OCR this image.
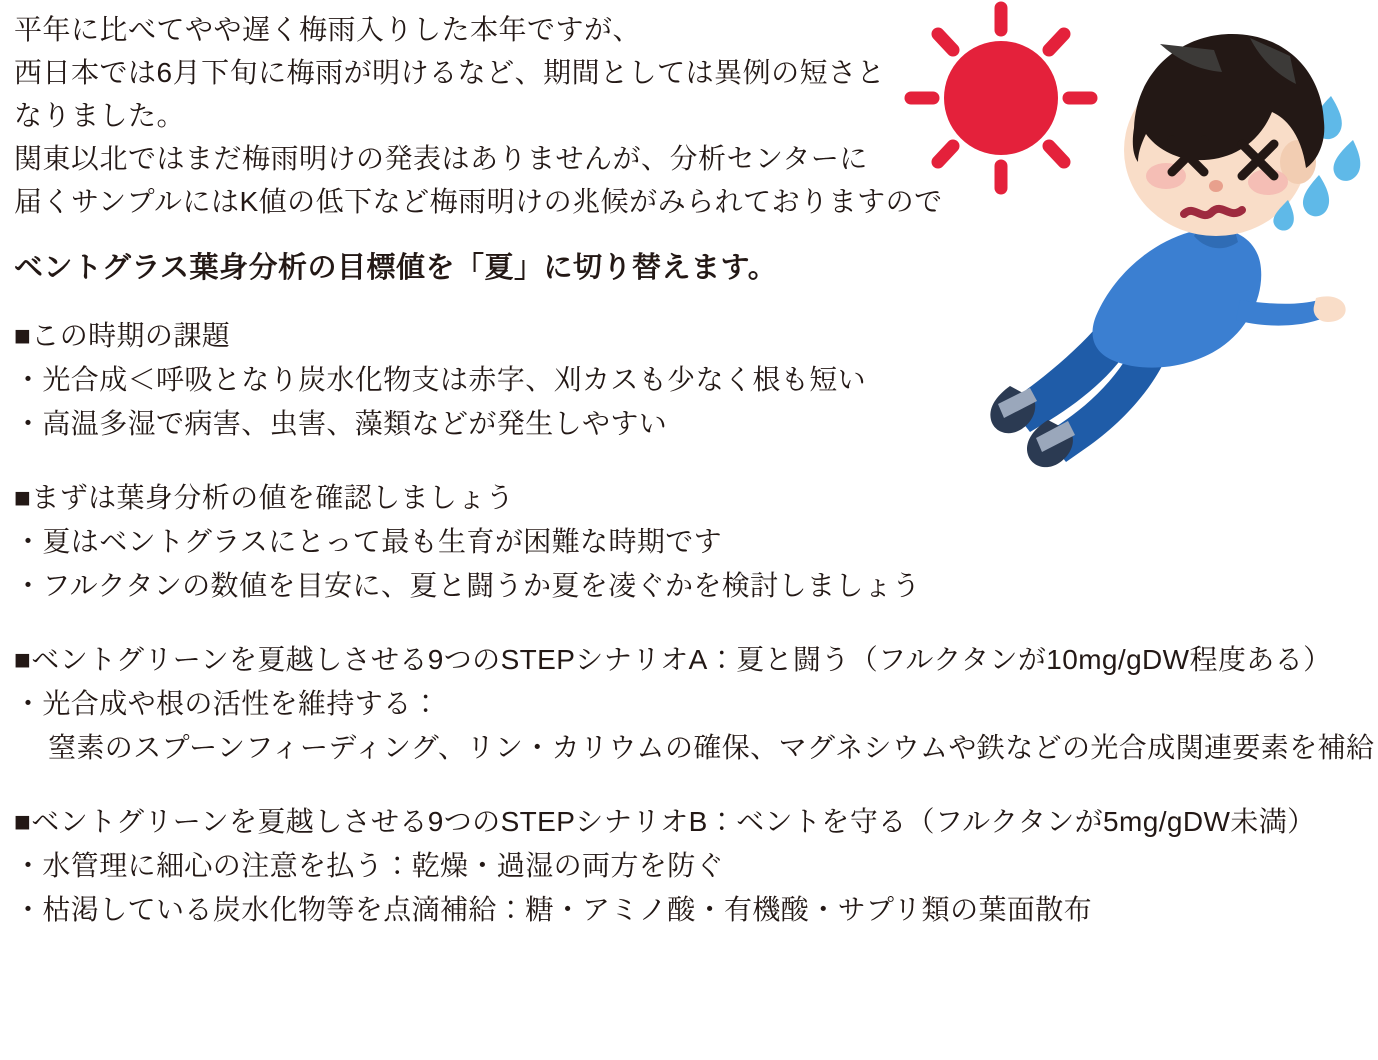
平年に比べてやや遅く梅雨入りした本年ですが、
西日本では6月下旬に梅雨が明けるなど、期間としては異例の短さと
なりました。
関東以北ではまだ梅雨明けの発表はありませんが、分析センターに
届くサンプルにはK値の低下など梅雨明けの兆候がみられておりますので
ベントグラス葉身分析の目標値を「夏」に切り替えます。
■この時期の課題
・光合成＜呼吸となり炭水化物支は赤字、刈カスも少なく根も短い
・高温多湿で病害、虫害、藻類などが発生しやすい
■まずは葉身分析の値を確認しましょう
・夏はベントグラスにとって最も生育が困難な時期です
・フルクタンの数値を目安に、夏と闘うか夏を凌ぐかを検討しましょう
■ベントグリーンを夏越しさせる9つのSTEPシナリオA：夏と闘う（フルクタンが10mg/gDW程度ある）
・光合成や根の活性を維持する：
窒素のスプーンフィーディング、リン・カリウムの確保、マグネシウムや鉄などの光合成関連要素を補給
■ベントグリーンを夏越しさせる9つのSTEPシナリオB：ベントを守る（フルクタンが5mg/gDW未満）
・水管理に細心の注意を払う：乾燥・過湿の両方を防ぐ
・枯渇している炭水化物等を点滴補給：糖・アミノ酸・有機酸・サプリ類の葉面散布
